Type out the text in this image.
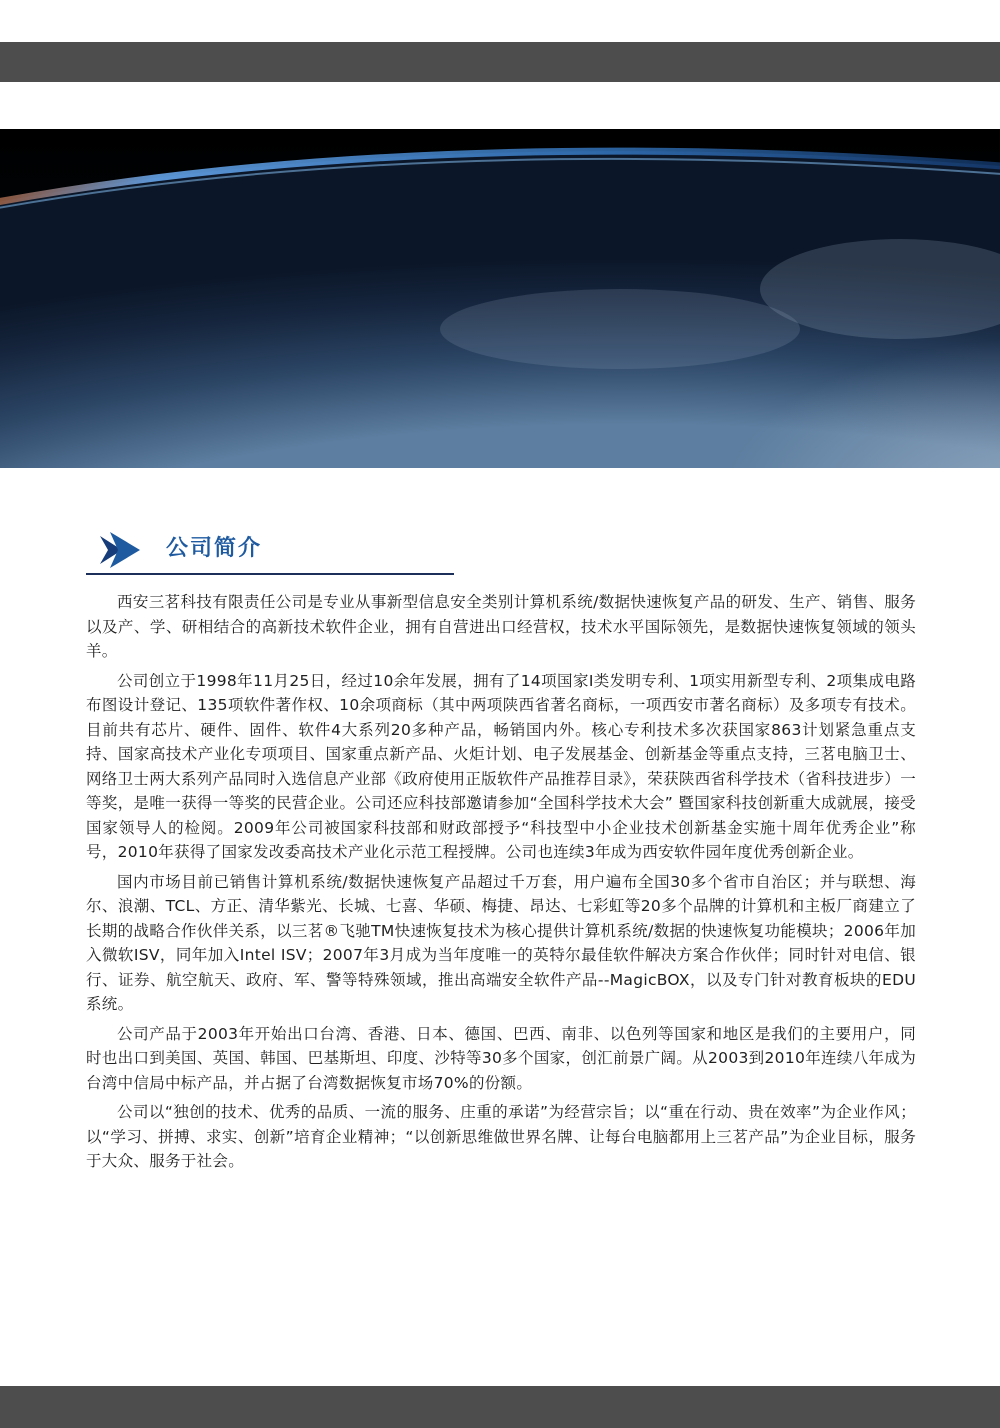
公司简介

西安三茗科技有限责任公司是专业从事新型信息安全类别计算机系统/数据快速恢复产品的研发、生产、销售、服务以及产、学、研相结合的高新技术软件企业，拥有自营进出口经营权，技术水平国际领先，是数据快速恢复领域的领头羊。

公司创立于1998年11月25日，经过10余年发展，拥有了14项国家I类发明专利、1项实用新型专利、2项集成电路布图设计登记、135项软件著作权、10余项商标（其中两项陕西省著名商标，一项西安市著名商标）及多项专有技术。目前共有芯片、硬件、固件、软件4大系列20多种产品，畅销国内外。核心专利技术多次获国家863计划紧急重点支持、国家高技术产业化专项项目、国家重点新产品、火炬计划、电子发展基金、创新基金等重点支持，三茗电脑卫士、网络卫士两大系列产品同时入选信息产业部《政府使用正版软件产品推荐目录》，荣获陕西省科学技术（省科技进步）一等奖，是唯一获得一等奖的民营企业。公司还应科技部邀请参加“全国科学技术大会” 暨国家科技创新重大成就展，接受国家领导人的检阅。2009年公司被国家科技部和财政部授予“科技型中小企业技术创新基金实施十周年优秀企业”称号，2010年获得了国家发改委高技术产业化示范工程授牌。公司也连续3年成为西安软件园年度优秀创新企业。

国内市场目前已销售计算机系统/数据快速恢复产品超过千万套，用户遍布全国30多个省市自治区；并与联想、海尔、浪潮、TCL、方正、清华紫光、长城、七喜、华硕、梅捷、昂达、七彩虹等20多个品牌的计算机和主板厂商建立了长期的战略合作伙伴关系，以三茗®飞驰TM快速恢复技术为核心提供计算机系统/数据的快速恢复功能模块；2006年加入微软ISV，同年加入Intel ISV；2007年3月成为当年度唯一的英特尔最佳软件解决方案合作伙伴；同时针对电信、银行、证券、航空航天、政府、军、警等特殊领域，推出高端安全软件产品--MagicBOX，以及专门针对教育板块的EDU系统。

公司产品于2003年开始出口台湾、香港、日本、德国、巴西、南非、以色列等国家和地区是我们的主要用户，同时也出口到美国、英国、韩国、巴基斯坦、印度、沙特等30多个国家，创汇前景广阔。从2003到2010年连续八年成为台湾中信局中标产品，并占据了台湾数据恢复市场70%的份额。

公司以“独创的技术、优秀的品质、一流的服务、庄重的承诺”为经营宗旨；以“重在行动、贵在效率”为企业作风；以“学习、拼搏、求实、创新”培育企业精神；“以创新思维做世界名牌、让每台电脑都用上三茗产品”为企业目标，服务于大众、服务于社会。
